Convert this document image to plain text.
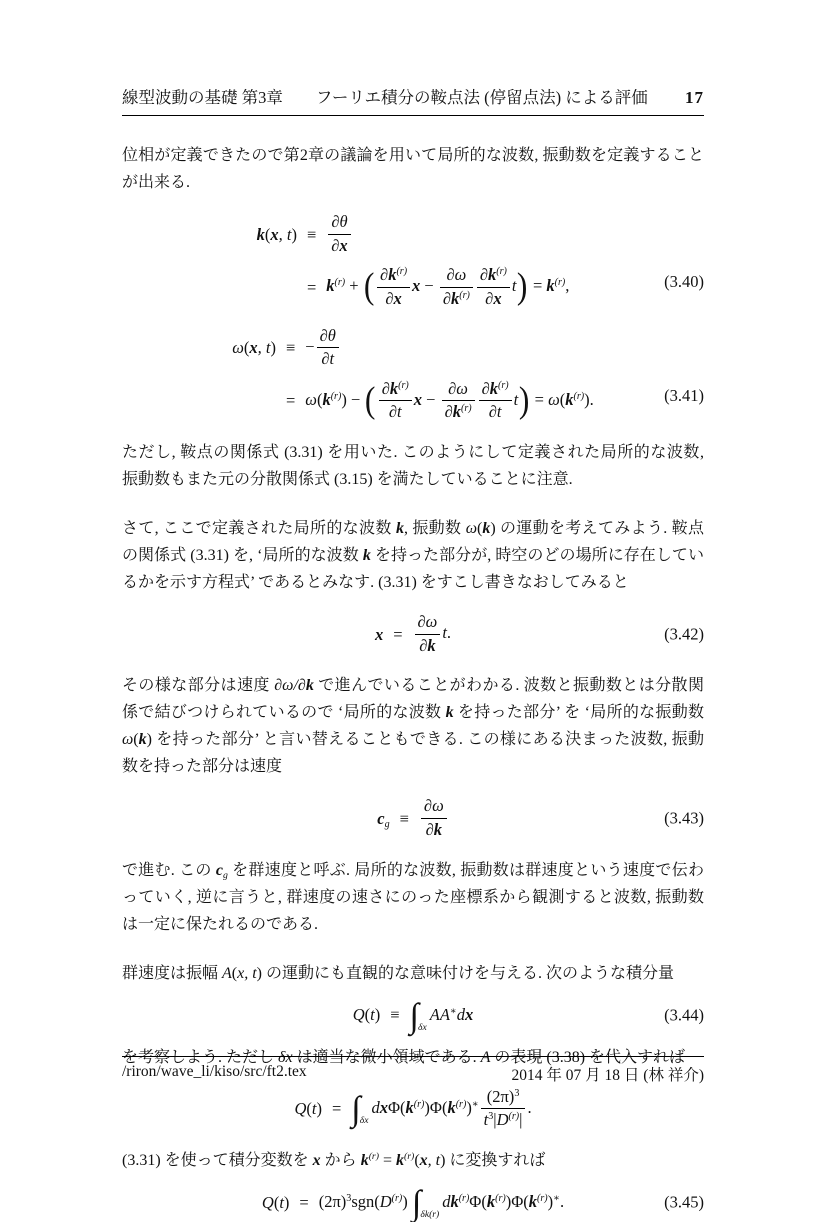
線型波動の基礎 第3章　　フーリエ積分の鞍点法 (停留点法) による評価 17

位相が定義できたので第2章の議論を用いて局所的な波数, 振動数を定義することが出来る.

k(x, $t) \equiv \frac{\partial\theta}{\partial x}$
= $k^{(r)}$ + ( $\frac{\partial k^{(r)}}{\partial x}$ $x - \frac{\partial\omega}{\partial k^{(r)}} \frac{\partial k^{(r)}}{\partial x} t) = k^{(r)}$,	(3.40)
ω(x, t) ≡ − $\frac{\partial\theta}{\partial t}$
= $\omega(k^{(r)})$ − ( $\frac{\partial k^{(r)}}{\partial t}$ $x - \frac{\partial\omega}{\partial k^{(r)}} \frac{\partial k^{(r)}}{\partial t} t) = \omega(k^{(r)})$.	(3.41)

ただし, 鞍点の関係式 (3.31) を用いた. このようにして定義された局所的な波数, 振動数もまた元の分散関係式 (3.15) を満たしていることに注意.

さて, ここで定義された局所的な波数 k, 振動数 ω(k) の運動を考えてみよう. 鞍点の関係式 (3.31) を, ‘局所的な波数 k を持った部分が, 時空のどの場所に存在しているかを示す方程式’ であるとみなす. (3.31) をすこし書きなおしてみると

$x = \frac{\partial\omega}{\partial k} t$.	(3.42)

その様な部分は速度 ∂ω/∂k で進んでいることがわかる. 波数と振動数とは分散関係で結びつけられているので ‘局所的な波数 k を持った部分’ を ‘局所的な振動数 ω(k) を持った部分’ と言い替えることもできる. この様にある決まった波数, 振動数を持った部分は速度

$c_g \equiv \frac{\partial\omega}{\partial k}$	(3.43)

で進む. この $c_g$ を群速度と呼ぶ. 局所的な波数, 振動数は群速度という速度で伝わっていく, 逆に言うと, 群速度の速さにのった座標系から観測すると波数, 振動数は一定に保たれるのである.

群速度は振幅 A(x, t) の運動にも直観的な意味付けを与える. 次のような積分量

$Q(t) \equiv \int_{\delta x}AA^∗dx$	(3.44)

を考察しよう. ただし δx は適当な微小領域である. A の表現 (3.38) を代入すれば

$Q(t) = \int_{\delta x}dx\Phi(k^{(r)})\Phi(k^{(r)})^∗ \frac{(2\pi)^3}{t^3|D^{(r)}|}$ .

(3.31) を使って積分変数を x から $k^{(r)} = k^{(r)}(x$, t) に変換すれば

$Q(t) = (2\pi)^3sgn(D^{(r)})$ $\int_{\delta k(r)}dk^{(r)}\Phi(k^{(r)})\Phi(k^{(r)})^∗$.	(3.45)
/riron/wave_li/kiso/src/ft2.tex	2014 年 07 月 18 日 (林 祥介)
